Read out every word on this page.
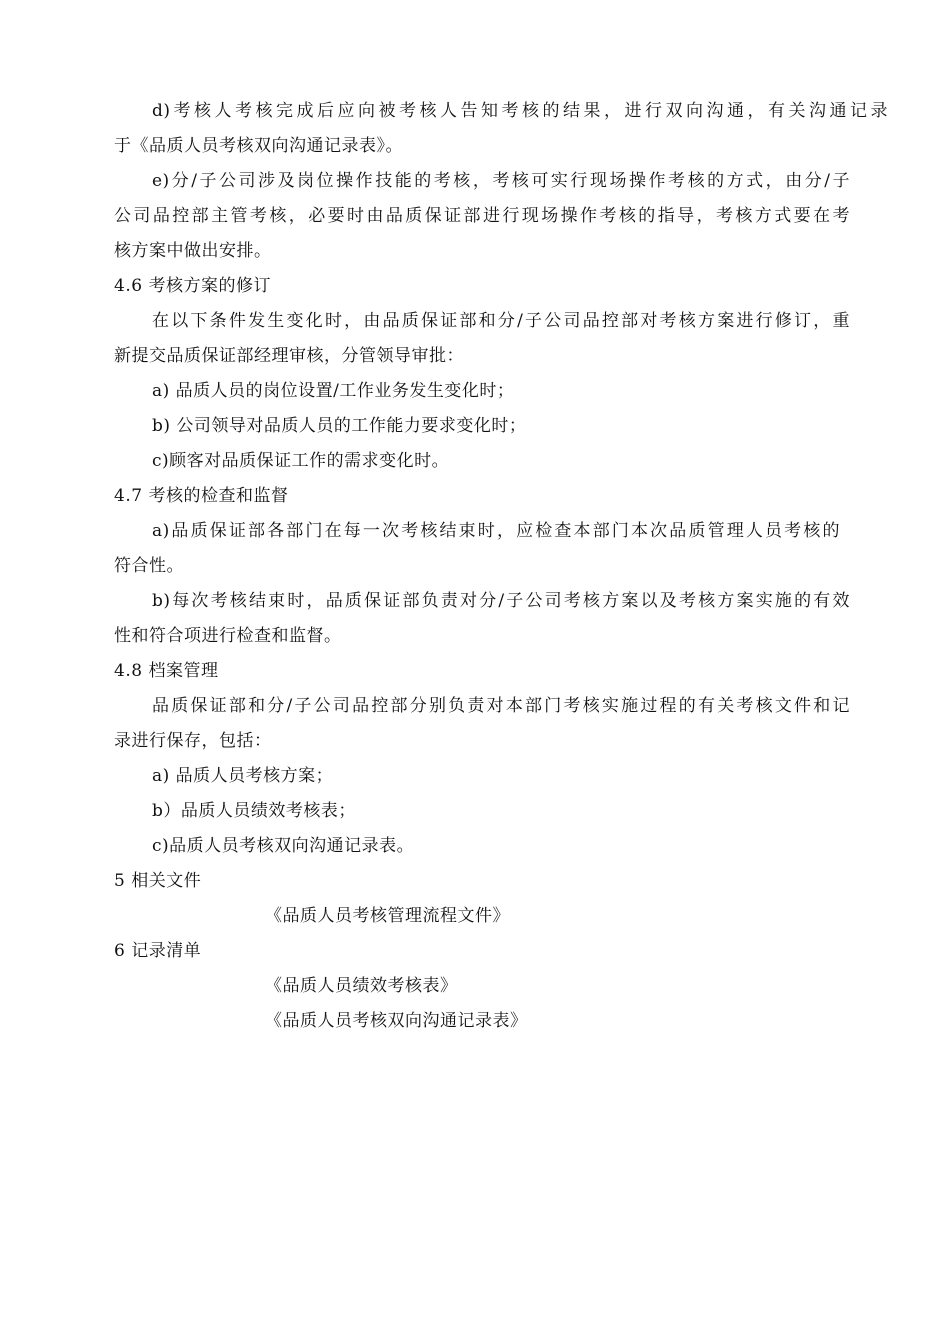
d)考核人考核完成后应向被考核人告知考核的结果，进行双向沟通，有关沟通记录
于《品质人员考核双向沟通记录表》。
e)分/子公司涉及岗位操作技能的考核，考核可实行现场操作考核的方式，由分/子
公司品控部主管考核，必要时由品质保证部进行现场操作考核的指导，考核方式要在考
核方案中做出安排。
4.6 考核方案的修订
在以下条件发生变化时，由品质保证部和分/子公司品控部对考核方案进行修订，重
新提交品质保证部经理审核，分管领导审批：
a) 品质人员的岗位设置/工作业务发生变化时；
b) 公司领导对品质人员的工作能力要求变化时；
c)顾客对品质保证工作的需求变化时。
4.7 考核的检查和监督
a)品质保证部各部门在每一次考核结束时，应检查本部门本次品质管理人员考核的
符合性。
b)每次考核结束时，品质保证部负责对分/子公司考核方案以及考核方案实施的有效
性和符合项进行检查和监督。
4.8 档案管理
品质保证部和分/子公司品控部分别负责对本部门考核实施过程的有关考核文件和记
录进行保存，包括：
a) 品质人员考核方案；
b）品质人员绩效考核表；
c)品质人员考核双向沟通记录表。
5 相关文件
《品质人员考核管理流程文件》
6 记录清单
《品质人员绩效考核表》
《品质人员考核双向沟通记录表》
